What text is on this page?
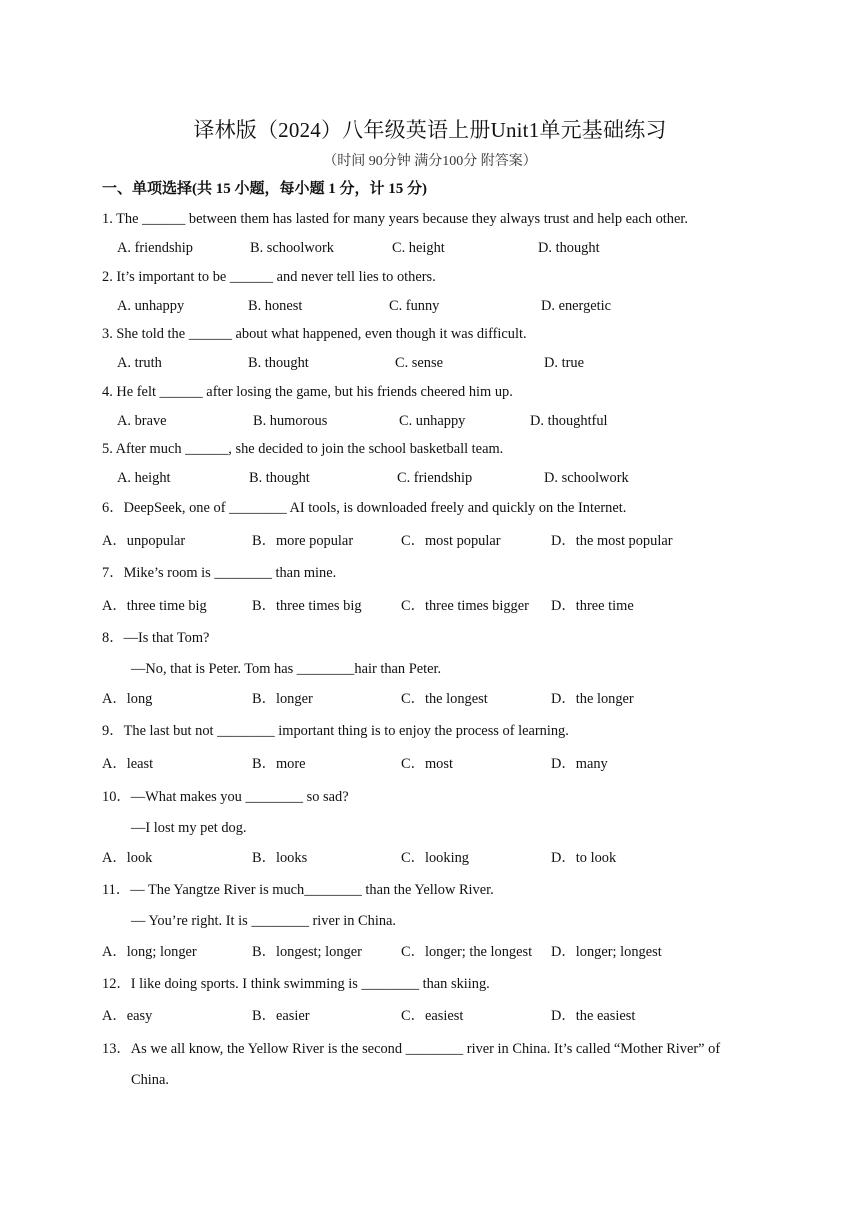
译林版（2024）八年级英语上册Unit1单元基础练习
（时间 90分钟 满分100分 附答案）
一、单项选择(共 15 小题，每小题 1 分，计 15 分)
1. The ______ between them has lasted for many years because they always trust and help each other.
A. friendship	B. schoolwork	C. height	D. thought
2. It’s important to be ______ and never tell lies to others.
A. unhappy	B. honest	C. funny	D. energetic
3. She told the ______ about what happened, even though it was difficult.
A. truth	B. thought	C. sense	D. true
4. He felt ______ after losing the game, but his friends cheered him up.
A. brave	B. humorous	C. unhappy	D. thoughtful
5. After much ______, she decided to join the school basketball team.
A. height	B. thought	C. friendship	D. schoolwork
6．DeepSeek, one of ________ AI tools, is downloaded freely and quickly on the Internet.
A．unpopular	B．more popular	C．most popular	D．the most popular
7．Mike’s room is ________ than mine.
A．three time big	B．three times big	C．three times bigger D．three time
8．—Is that Tom?
—No, that is Peter. Tom has ________hair than Peter.
A．long	B．longer	C．the longest	D．the longer
9．The last but not ________ important thing is to enjoy the process of learning.
A．least	B．more	C．most	D．many
10．—What makes you ________ so sad?
—I lost my pet dog.
A．look	B．looks	C．looking	D．to look
11．— The Yangtze River is much________ than the Yellow River.
— You’re right. It is ________ river in China.
A．long; longer	B．longest; longer	C．longer; the longest D．longer; longest
12．I like doing sports. I think swimming is ________ than skiing.
A．easy	B．easier	C．easiest	D．the easiest
13．As we all know, the Yellow River is the second ________ river in China. It’s called “Mother River” of
China.
